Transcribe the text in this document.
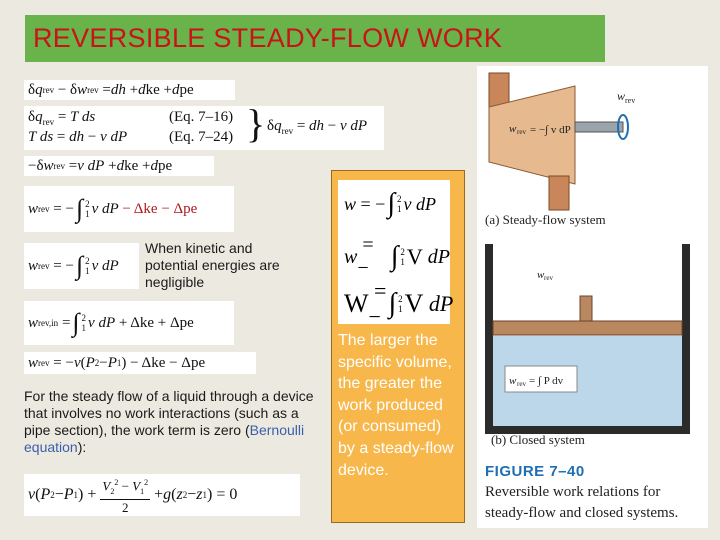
REVERSIBLE STEADY-FLOW WORK
δ q rev − δ w rev = dh + d ke + d pe
$\delta q_{rev} = T$ ds
T ds = dh − v dP
(Eq. 7–16)
(Eq. 7–24) } $\delta q_{rev}$ = dh − v dP
−δ w rev = v dP + d ke + d pe
w rev = − ∫ 2
1 v dP
− Δke − Δpe
w rev = − ∫ 2
1 v dP
When kinetic and potential energies are negligible
w rev,in = ∫ 2
1 v dP + Δke + Δpe
w rev = − v ( P 2 − P 1 ) − Δke − Δpe
For the steady flow of a liquid through a device that involves no work interactions (such as a pipe section), the work term is zero (Bernoulli equation):
v ( P 2 − P 1 ) +
$V_2^2 - V_1^2$
2
+ g ( z 2 − z 1 ) = 0
w = − ∫ 2
1 v dP
w
= − ∫ 2
1 V
dP
W = − ∫ 2
1 V
dP
The larger the specific volume, the greater the work produced (or consumed) by a steady-flow device.
w rev
w rev = −∫ v dP
w rev
w rev = ∫ P dv
(a) Steady-flow system
(b) Closed system
FIGURE 7–40
Reversible work relations for
steady-flow and closed systems.
